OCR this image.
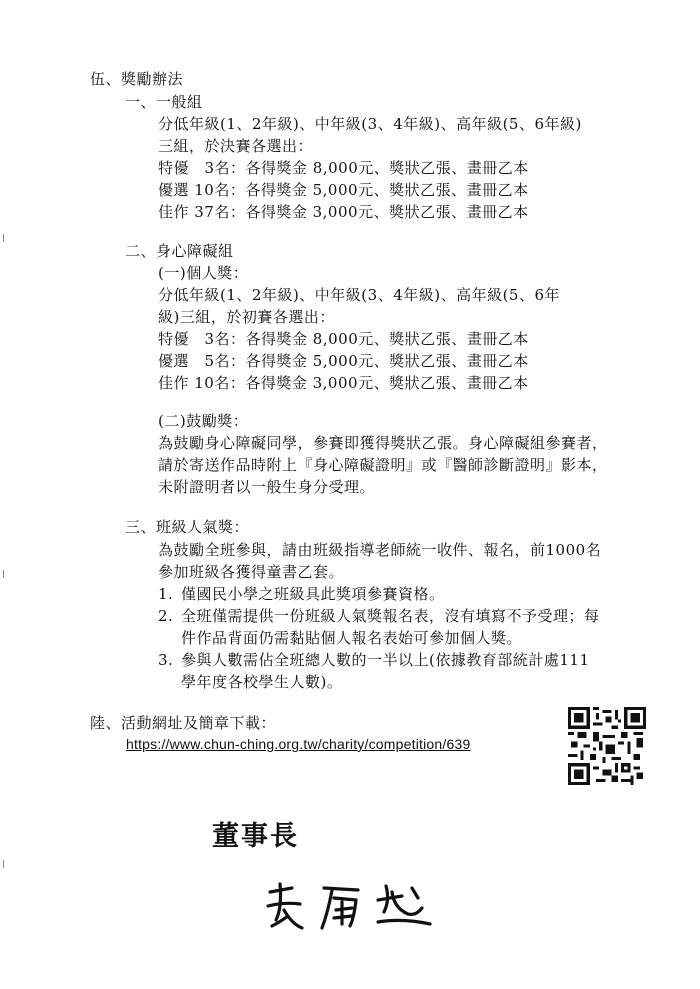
伍、獎勵辦法
一、一般組
分低年級(1、2年級)、中年級(3、4年級)、高年級(5、6年級)
三組，於決賽各選出：
特優　3名：各得獎金 8,000元、獎狀乙張、畫冊乙本
優選 10名：各得獎金 5,000元、獎狀乙張、畫冊乙本
佳作 37名：各得獎金 3,000元、獎狀乙張、畫冊乙本
二、身心障礙組
(一)個人獎：
分低年級(1、2年級)、中年級(3、4年級)、高年級(5、6年
級)三組，於初賽各選出：
特優　3名：各得獎金 8,000元、獎狀乙張、畫冊乙本
優選　5名：各得獎金 5,000元、獎狀乙張、畫冊乙本
佳作 10名：各得獎金 3,000元、獎狀乙張、畫冊乙本
(二)鼓勵獎：
為鼓勵身心障礙同學，參賽即獲得獎狀乙張。身心障礙組參賽者，
請於寄送作品時附上『身心障礙證明』或『醫師診斷證明』影本，
未附證明者以一般生身分受理。
三、班級人氣獎：
為鼓勵全班參與，請由班級指導老師統一收件、報名，前1000名
參加班級各獲得童書乙套。
1. 僅國民小學之班級具此獎項參賽資格。
2. 全班僅需提供一份班級人氣獎報名表，沒有填寫不予受理；每
件作品背面仍需黏貼個人報名表始可參加個人獎。
3. 參與人數需佔全班總人數的一半以上(依據教育部統計處111
學年度各校學生人數)。
陸、活動網址及簡章下載：
https://www.chun-ching.org.tw/charity/competition/639
董事長
